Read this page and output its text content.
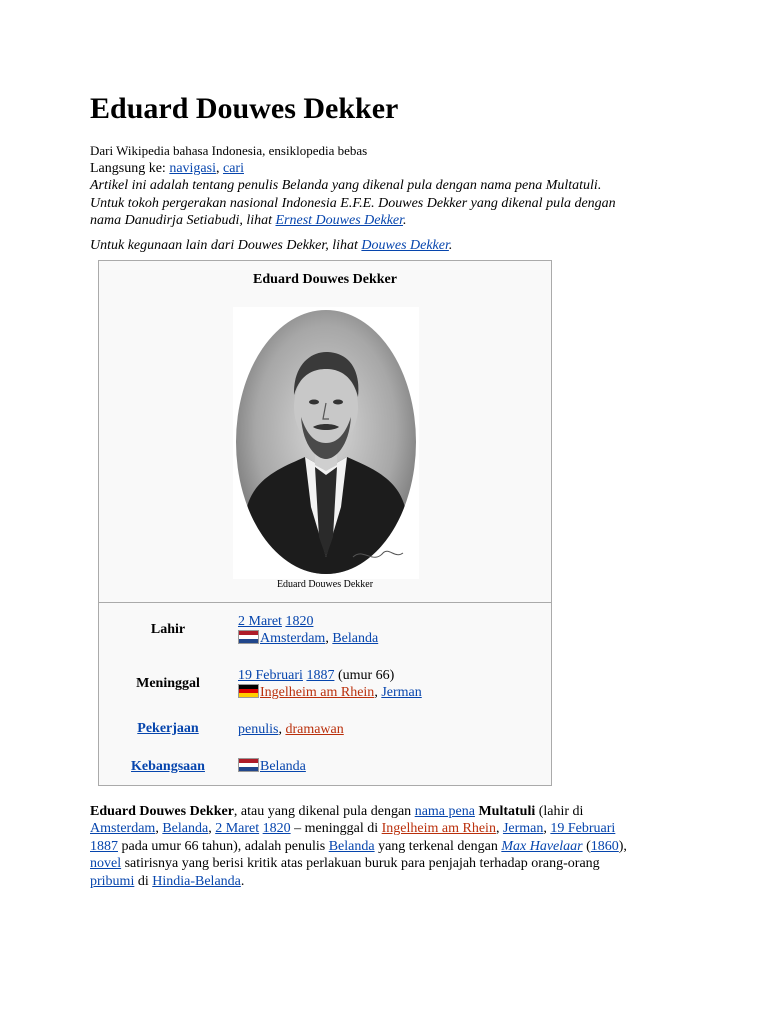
Eduard Douwes Dekker
Dari Wikipedia bahasa Indonesia, ensiklopedia bebas
Langsung ke: navigasi, cari
Artikel ini adalah tentang penulis Belanda yang dikenal pula dengan nama pena Multatuli.
Untuk tokoh pergerakan nasional Indonesia E.F.E. Douwes Dekker yang dikenal pula dengan
nama Danudirja Setiabudi, lihat Ernest Douwes Dekker.
Untuk kegunaan lain dari Douwes Dekker, lihat Douwes Dekker.
Eduard Douwes Dekker
Eduard Douwes Dekker
Lahir
2 Maret 1820
Amsterdam, Belanda
Meninggal
19 Februari 1887 (umur 66)
Ingelheim am Rhein, Jerman
Pekerjaan	penulis, dramawan
Kebangsaan	Belanda
Eduard Douwes Dekker, atau yang dikenal pula dengan nama pena Multatuli (lahir di
Amsterdam, Belanda, 2 Maret 1820 – meninggal di Ingelheim am Rhein, Jerman, 19 Februari
1887 pada umur 66 tahun), adalah penulis Belanda yang terkenal dengan Max Havelaar (1860),
novel satirisnya yang berisi kritik atas perlakuan buruk para penjajah terhadap orang-orang
pribumi di Hindia-Belanda.
